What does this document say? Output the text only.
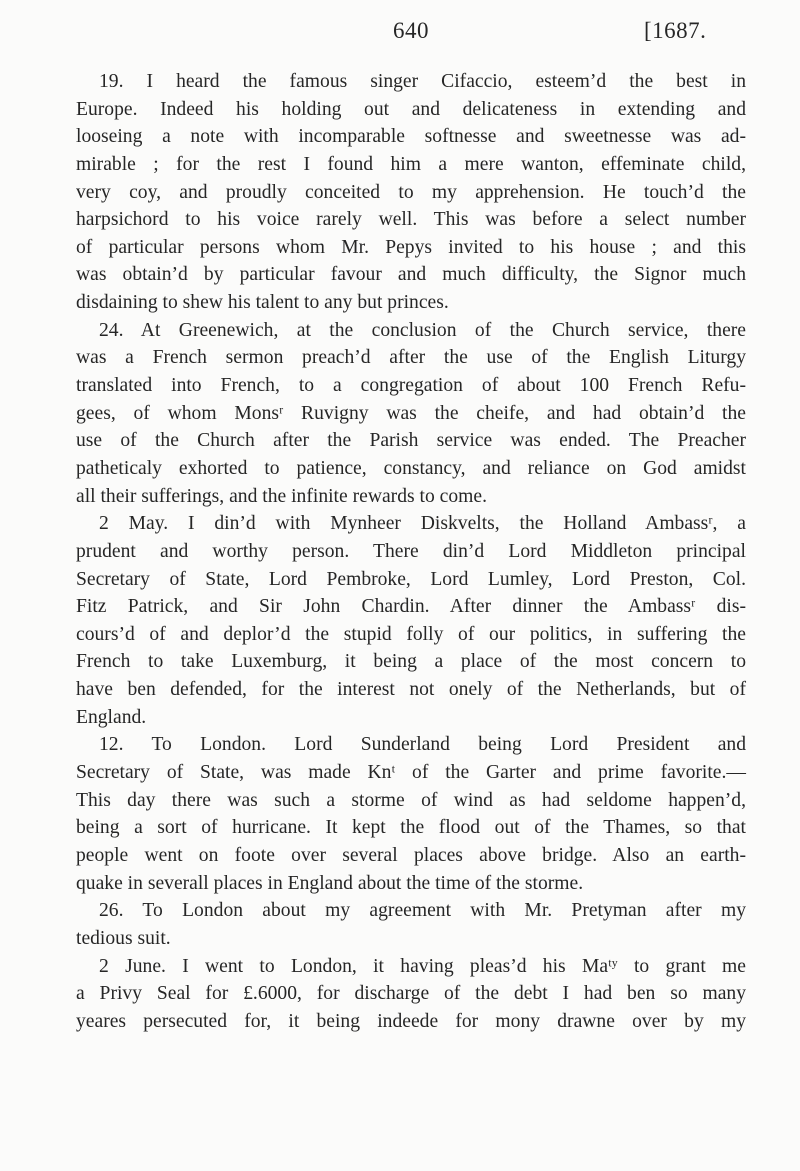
640	[1687.
19. I heard the famous singer Cifaccio, esteem’d the best in
Europe. Indeed his holding out and delicateness in extending and
looseing a note with incomparable softnesse and sweetnesse was ad-
mirable ; for the rest I found him a mere wanton, effeminate child,
very coy, and proudly conceited to my apprehension. He touch’d the
harpsichord to his voice rarely well. This was before a select number
of particular persons whom Mr. Pepys invited to his house ; and this
was obtain’d by particular favour and much difficulty, the Signor much
disdaining to shew his talent to any but princes.
24. At Greenewich, at the conclusion of the Church service, there
was a French sermon preach’d after the use of the English Liturgy
translated into French, to a congregation of about 100 French Refu-
gees, of whom Monsʳ Ruvigny was the cheife, and had obtain’d the
use of the Church after the Parish service was ended. The Preacher
patheticaly exhorted to patience, constancy, and reliance on God amidst
all their sufferings, and the infinite rewards to come.
2 May. I din’d with Mynheer Diskvelts, the Holland Ambassʳ, a
prudent and worthy person. There din’d Lord Middleton principal
Secretary of State, Lord Pembroke, Lord Lumley, Lord Preston, Col.
Fitz Patrick, and Sir John Chardin. After dinner the Ambassʳ dis-
cours’d of and deplor’d the stupid folly of our politics, in suffering the
French to take Luxemburg, it being a place of the most concern to
have ben defended, for the interest not onely of the Netherlands, but of
England.
12. To London. Lord Sunderland being Lord President and
Secretary of State, was made Knᵗ of the Garter and prime favorite.—
This day there was such a storme of wind as had seldome happen’d,
being a sort of hurricane. It kept the flood out of the Thames, so that
people went on foote over several places above bridge. Also an earth-
quake in severall places in England about the time of the storme.
26. To London about my agreement with Mr. Pretyman after my
tedious suit.
2 June. I went to London, it having pleas’d his Maᵗʸ to grant me
a Privy Seal for £.6000, for discharge of the debt I had ben so many
yeares persecuted for, it being indeede for mony drawne over by my
